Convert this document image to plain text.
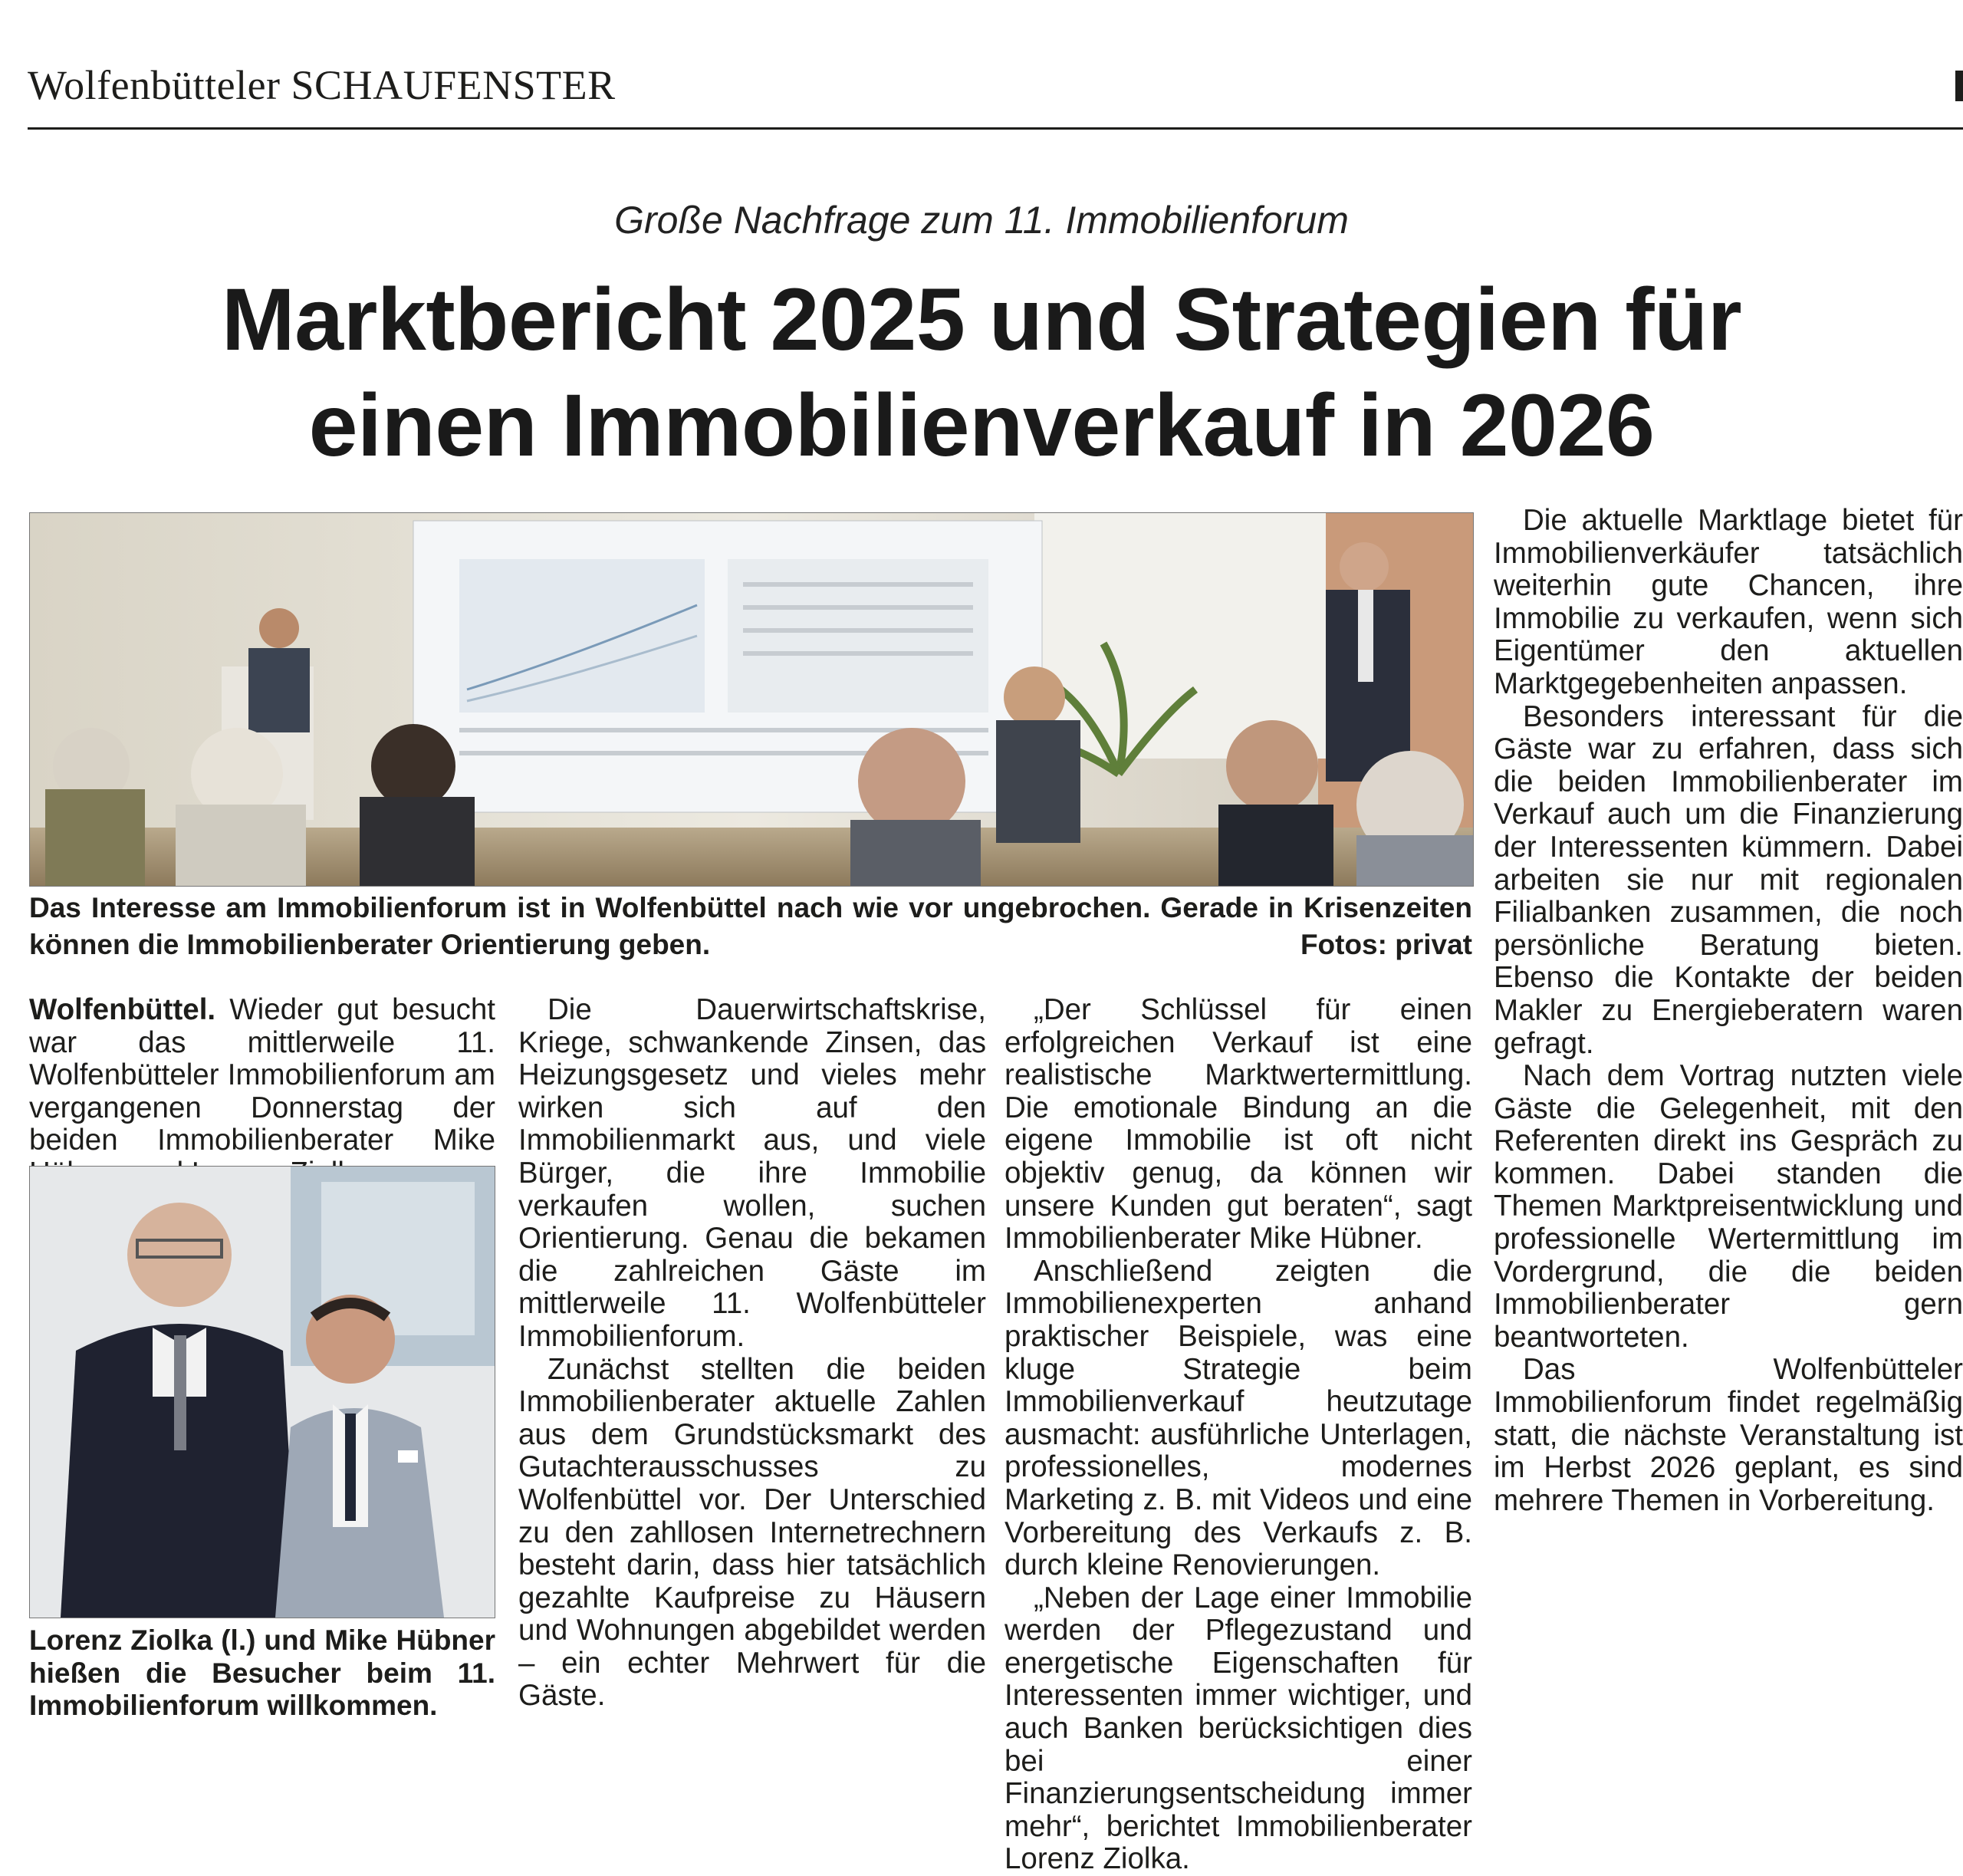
Wolfenbütteler SCHAUFENSTER
Große Nachfrage zum 11. Immobilienforum
Marktbericht 2025 und Strategien für
einen Immobilienverkauf in 2026
Das Interesse am Immobilienforum ist in Wolfenbüttel nach wie vor ungebrochen. Gerade in Krisenzeiten können die Immobilienberater Orientierung geben.	Fotos: privat

Wolfenbüttel. Wieder gut besucht war das mittlerweile 11. Wolfenbütteler Immobilienforum am vergangenen Donnerstag der beiden Immobilienberater Mike

Lorenz Ziolka (l.) und Mike Hübner hießen die Besucher beim 11. Immobilienforum willkommen.

Die Dauerwirtschaftskrise, Kriege, schwankende Zinsen, das Heizungsgesetz und vieles mehr wirken sich auf den Immobilienmarkt aus, und viele Bürger, die ihre Immobilie verkaufen wollen, suchen Orientierung. Genau die bekamen die zahlreichen Gäste im mittlerweile 11. Wolfenbütteler Immobilienforum.

Zunächst stellten die beiden Immobilienberater aktuelle Zahlen aus dem Grundstücksmarkt des Gutachterausschusses zu Wolfenbüttel vor. Der Unterschied zu den zahllosen Internetrechnern besteht darin, dass hier tatsächlich gezahlte Kaufpreise zu Häusern und Wohnungen abgebildet werden – ein echter Mehrwert für die Gäste.

„Der Schlüssel für einen erfolgreichen Verkauf ist eine realistische Marktwertermittlung. Die emotionale Bindung an die eigene Immobilie ist oft nicht objektiv genug, da können wir unsere Kunden gut beraten“, sagt Immobilienberater Mike Hübner.

Anschließend zeigten die Immobilienexperten anhand praktischer Beispiele, was eine kluge Strategie beim Immobilienverkauf heutzutage ausmacht: ausführliche Unterlagen, professionelles, modernes Marketing z. B. mit Videos und eine Vorbereitung des Verkaufs z. B. durch kleine Renovierungen.

„Neben der Lage einer Immobilie werden der Pflegezustand und energetische Eigenschaften für Interessenten immer wichtiger, und auch Banken berücksichtigen dies bei einer Finanzierungsentscheidung immer mehr“, berichtet Immobilienberater Lorenz Ziolka.

Die aktuelle Marktlage bietet für Immobilienverkäufer tatsächlich weiterhin gute Chancen, ihre Immobilie zu verkaufen, wenn sich Eigentümer den aktuellen Marktgegebenheiten anpassen.

Besonders interessant für die Gäste war zu erfahren, dass sich die beiden Immobilienberater im Verkauf auch um die Finanzierung der Interessenten kümmern. Dabei arbeiten sie nur mit regionalen Filialbanken zusammen, die noch persönliche Beratung bieten. Ebenso die Kontakte der beiden Makler zu Energieberatern waren gefragt.

Nach dem Vortrag nutzten viele Gäste die Gelegenheit, mit den Referenten direkt ins Gespräch zu kommen. Dabei standen die Themen Marktpreisentwicklung und professionelle Wertermittlung im Vordergrund, die die beiden Immobilienberater gern beantworteten.

Das Wolfenbütteler Immobilienforum findet regelmäßig statt, die nächste Veranstaltung ist im Herbst 2026 geplant, es sind mehrere Themen in Vorbereitung.
